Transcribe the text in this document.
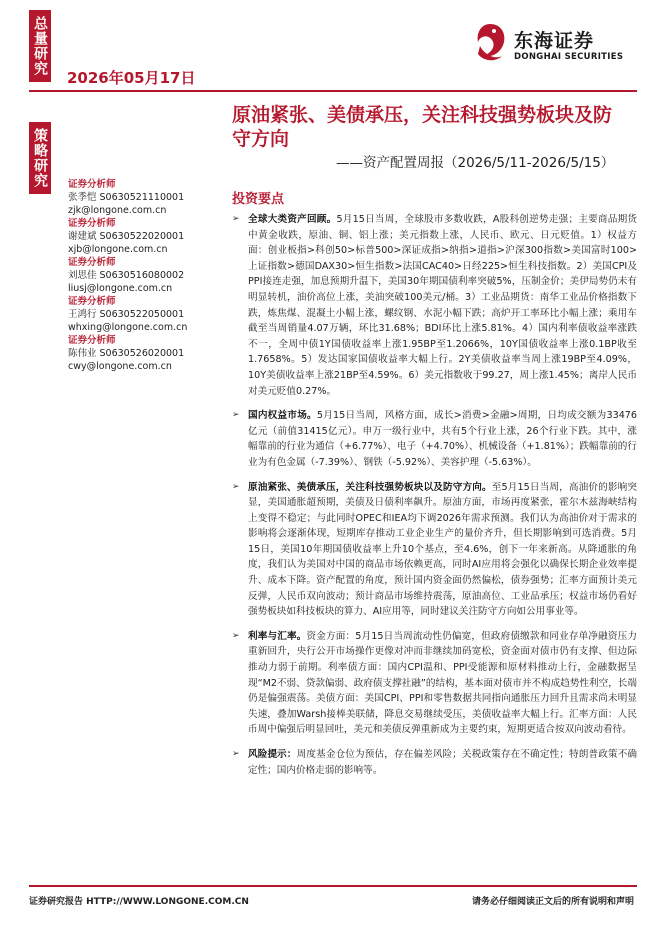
总量研究
策略研究
2026年05月17日
东海证券
DONGHAI SECURITIES
原油紧张、美债承压，关注科技强势板块及防守方向
——资产配置周报（2026/5/11-2026/5/15）
证券分析师
张季恺 S0630521110001
zjk@longone.com.cn
证券分析师
谢建斌 S0630522020001
xjb@longone.com.cn
证券分析师
刘思佳 S0630516080002
liusj@longone.com.cn
证券分析师
王鸿行 S0630522050001
whxing@longone.com.cn
证券分析师
陈伟业 S0630526020001
cwy@longone.com.cn
投资要点
➢ 全球大类资产回顾。5月15日当周，全球股市多数收跌，A股科创逆势走强；主要商品期货中黄金收跌，原油、铜、铝上涨；美元指数上涨，人民币、欧元、日元贬值。1）权益方面：创业板指>科创50>标普500>深证成指>纳指>道指>沪深300指数>美国富时100>上证指数>德国DAX30>恒生指数>法国CAC40>日经225>恒生科技指数。2）美国CPI及PPI接连走强，加息预期升温下，美国30年期国债利率突破5%，压制金价；美伊局势仍未有明显转机，油价高位上涨，美油突破100美元/桶。3）工业品期货：南华工业品价格指数下跌，炼焦煤、混凝土小幅上涨，螺纹钢、水泥小幅下跌；高炉开工率环比小幅上涨；乘用车截至当周销量4.07万辆，环比31.68%；BDI环比上涨5.81%。4）国内利率债收益率涨跌不一，全周中债1Y国债收益率上涨1.95BP至1.2066%，10Y国债收益率上涨0.1BP收至1.7658%。5）发达国家国债收益率大幅上行。2Y美债收益率当周上涨19BP至4.09%，10Y美债收益率上涨21BP至4.59%。6）美元指数收于99.27，周上涨1.45%；离岸人民币对美元贬值0.27%。
➢ 国内权益市场。5月15日当周，风格方面，成长>消费>金融>周期，日均成交额为33476亿元（前值31415亿元）。申万一级行业中，共有5个行业上涨，26个行业下跌。其中，涨幅靠前的行业为通信（+6.77%）、电子（+4.70%）、机械设备（+1.81%）；跌幅靠前的行业为有色金属（-7.39%）、钢铁（-5.92%）、美容护理（-5.63%）。
➢ 原油紧张、美债承压，关注科技强势板块以及防守方向。至5月15日当周，高油价的影响突显，美国通胀超预期，美债及日债利率飙升。原油方面，市场再度紧张，霍尔木兹海峡结构上变得不稳定；与此同时OPEC和IEA均下调2026年需求预测。我们认为高油价对于需求的影响将会逐渐体现，短期库存推动工业企业生产的量价齐升，但长期影响到可选消费。5月15日，美国10年期国债收益率上升10个基点，至4.6%，创下一年来新高。从降通胀的角度，我们认为美国对中国的商品市场依赖更高，同时AI应用将会强化以确保长期企业效率提升、成本下降。资产配置的角度，预计国内资金面仍然偏松，债券强势；汇率方面预计美元反弹，人民币双向波动；预计商品市场维持震荡，原油高位、工业品承压；权益市场仍看好强势板块如科技板块的算力、AI应用等，同时建议关注防守方向如公用事业等。
➢ 利率与汇率。资金方面：5月15日当周流动性仍偏宽，但政府债缴款和同业存单净融资压力重新回升，央行公开市场操作更像对冲而非继续加码宽松，资金面对债市仍有支撑、但边际推动力弱于前期。利率债方面：国内CPI温和、PPI受能源和原材料推动上行，金融数据呈现“M2不弱、贷款偏弱、政府债支撑社融”的结构，基本面对债市并不构成趋势性利空，长端仍是偏强震荡。美债方面：美国CPI、PPI和零售数据共同指向通胀压力回升且需求尚未明显失速，叠加Warsh接棒美联储，降息交易继续受压，美债收益率大幅上行。汇率方面：人民币周中偏强后明显回吐，美元和美债反弹重新成为主要约束，短期更适合按双向波动看待。
➢ 风险提示：周度基金仓位为预估，存在偏差风险；关税政策存在不确定性；特朗普政策不确定性；国内价格走弱的影响等。
证券研究报告 HTTP://WWW.LONGONE.COM.CN	请务必仔细阅读正文后的所有说明和声明
